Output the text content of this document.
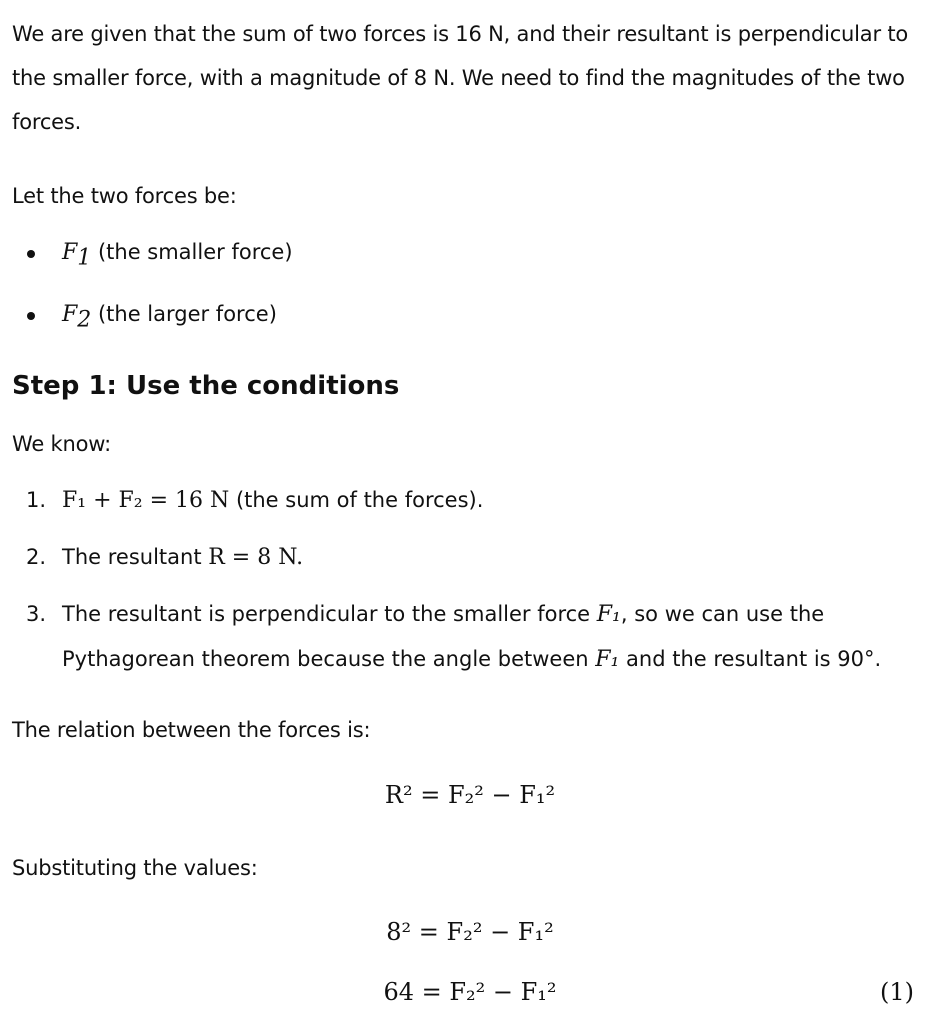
We are given that the sum of two forces is 16 N, and their resultant is perpendicular to the smaller force, with a magnitude of 8 N. We need to find the magnitudes of the two forces.

Let the two forces be:

$F_1$ (the smaller force)
$F_2$ (the larger force)
Step 1: Use the conditions

We know:

1. F₁ + F₂ = 16 N (the sum of the forces).
2. The resultant R = 8 N.
3. The resultant is perpendicular to the smaller force F₁, so we can use the Pythagorean theorem because the angle between F₁ and the resultant is 90°.

The relation between the forces is:

R² = F₂² − F₁²

Substituting the values:

8² = F₂² − F₁²
64 = F₂² − F₁²	(1)
